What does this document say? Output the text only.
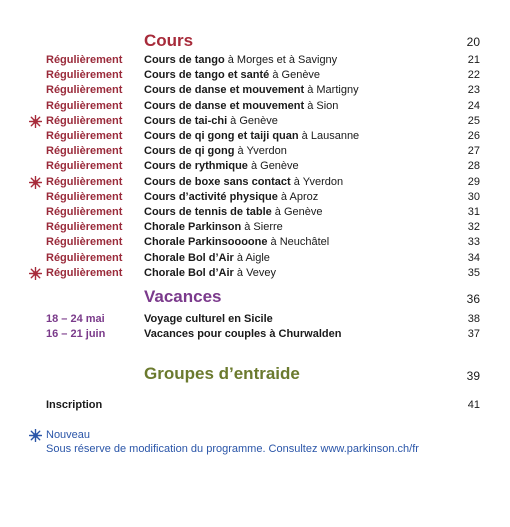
Cours	20
Régulièrement Cours de tango à Morges et à Savigny	21
Régulièrement Cours de tango et santé à Genève	22
Régulièrement Cours de danse et mouvement à Martigny	23
Régulièrement Cours de danse et mouvement à Sion	24
Régulièrement Cours de tai-chi à Genève	25
Régulièrement Cours de qi gong et taiji quan à Lausanne	26
Régulièrement Cours de qi gong à Yverdon	27
Régulièrement Cours de rythmique à Genève	28
Régulièrement Cours de boxe sans contact à Yverdon	29
Régulièrement Cours d’activité physique à Aproz	30
Régulièrement Cours de tennis de table à Genève	31
Régulièrement Chorale Parkinson à Sierre	32
Régulièrement Chorale Parkinsoooone à Neuchâtel	33
Régulièrement Chorale Bol d’Air à Aigle	34
Régulièrement Chorale Bol d’Air à Vevey	35
Vacances	36
18 – 24 mai	Voyage culturel en Sicile	38
16 – 21 juin	Vacances pour couples à Churwalden	37
Groupes d’entraide	39
Inscription	41
Nouveau
Sous réserve de modification du programme. Consultez www.parkinson.ch/fr
